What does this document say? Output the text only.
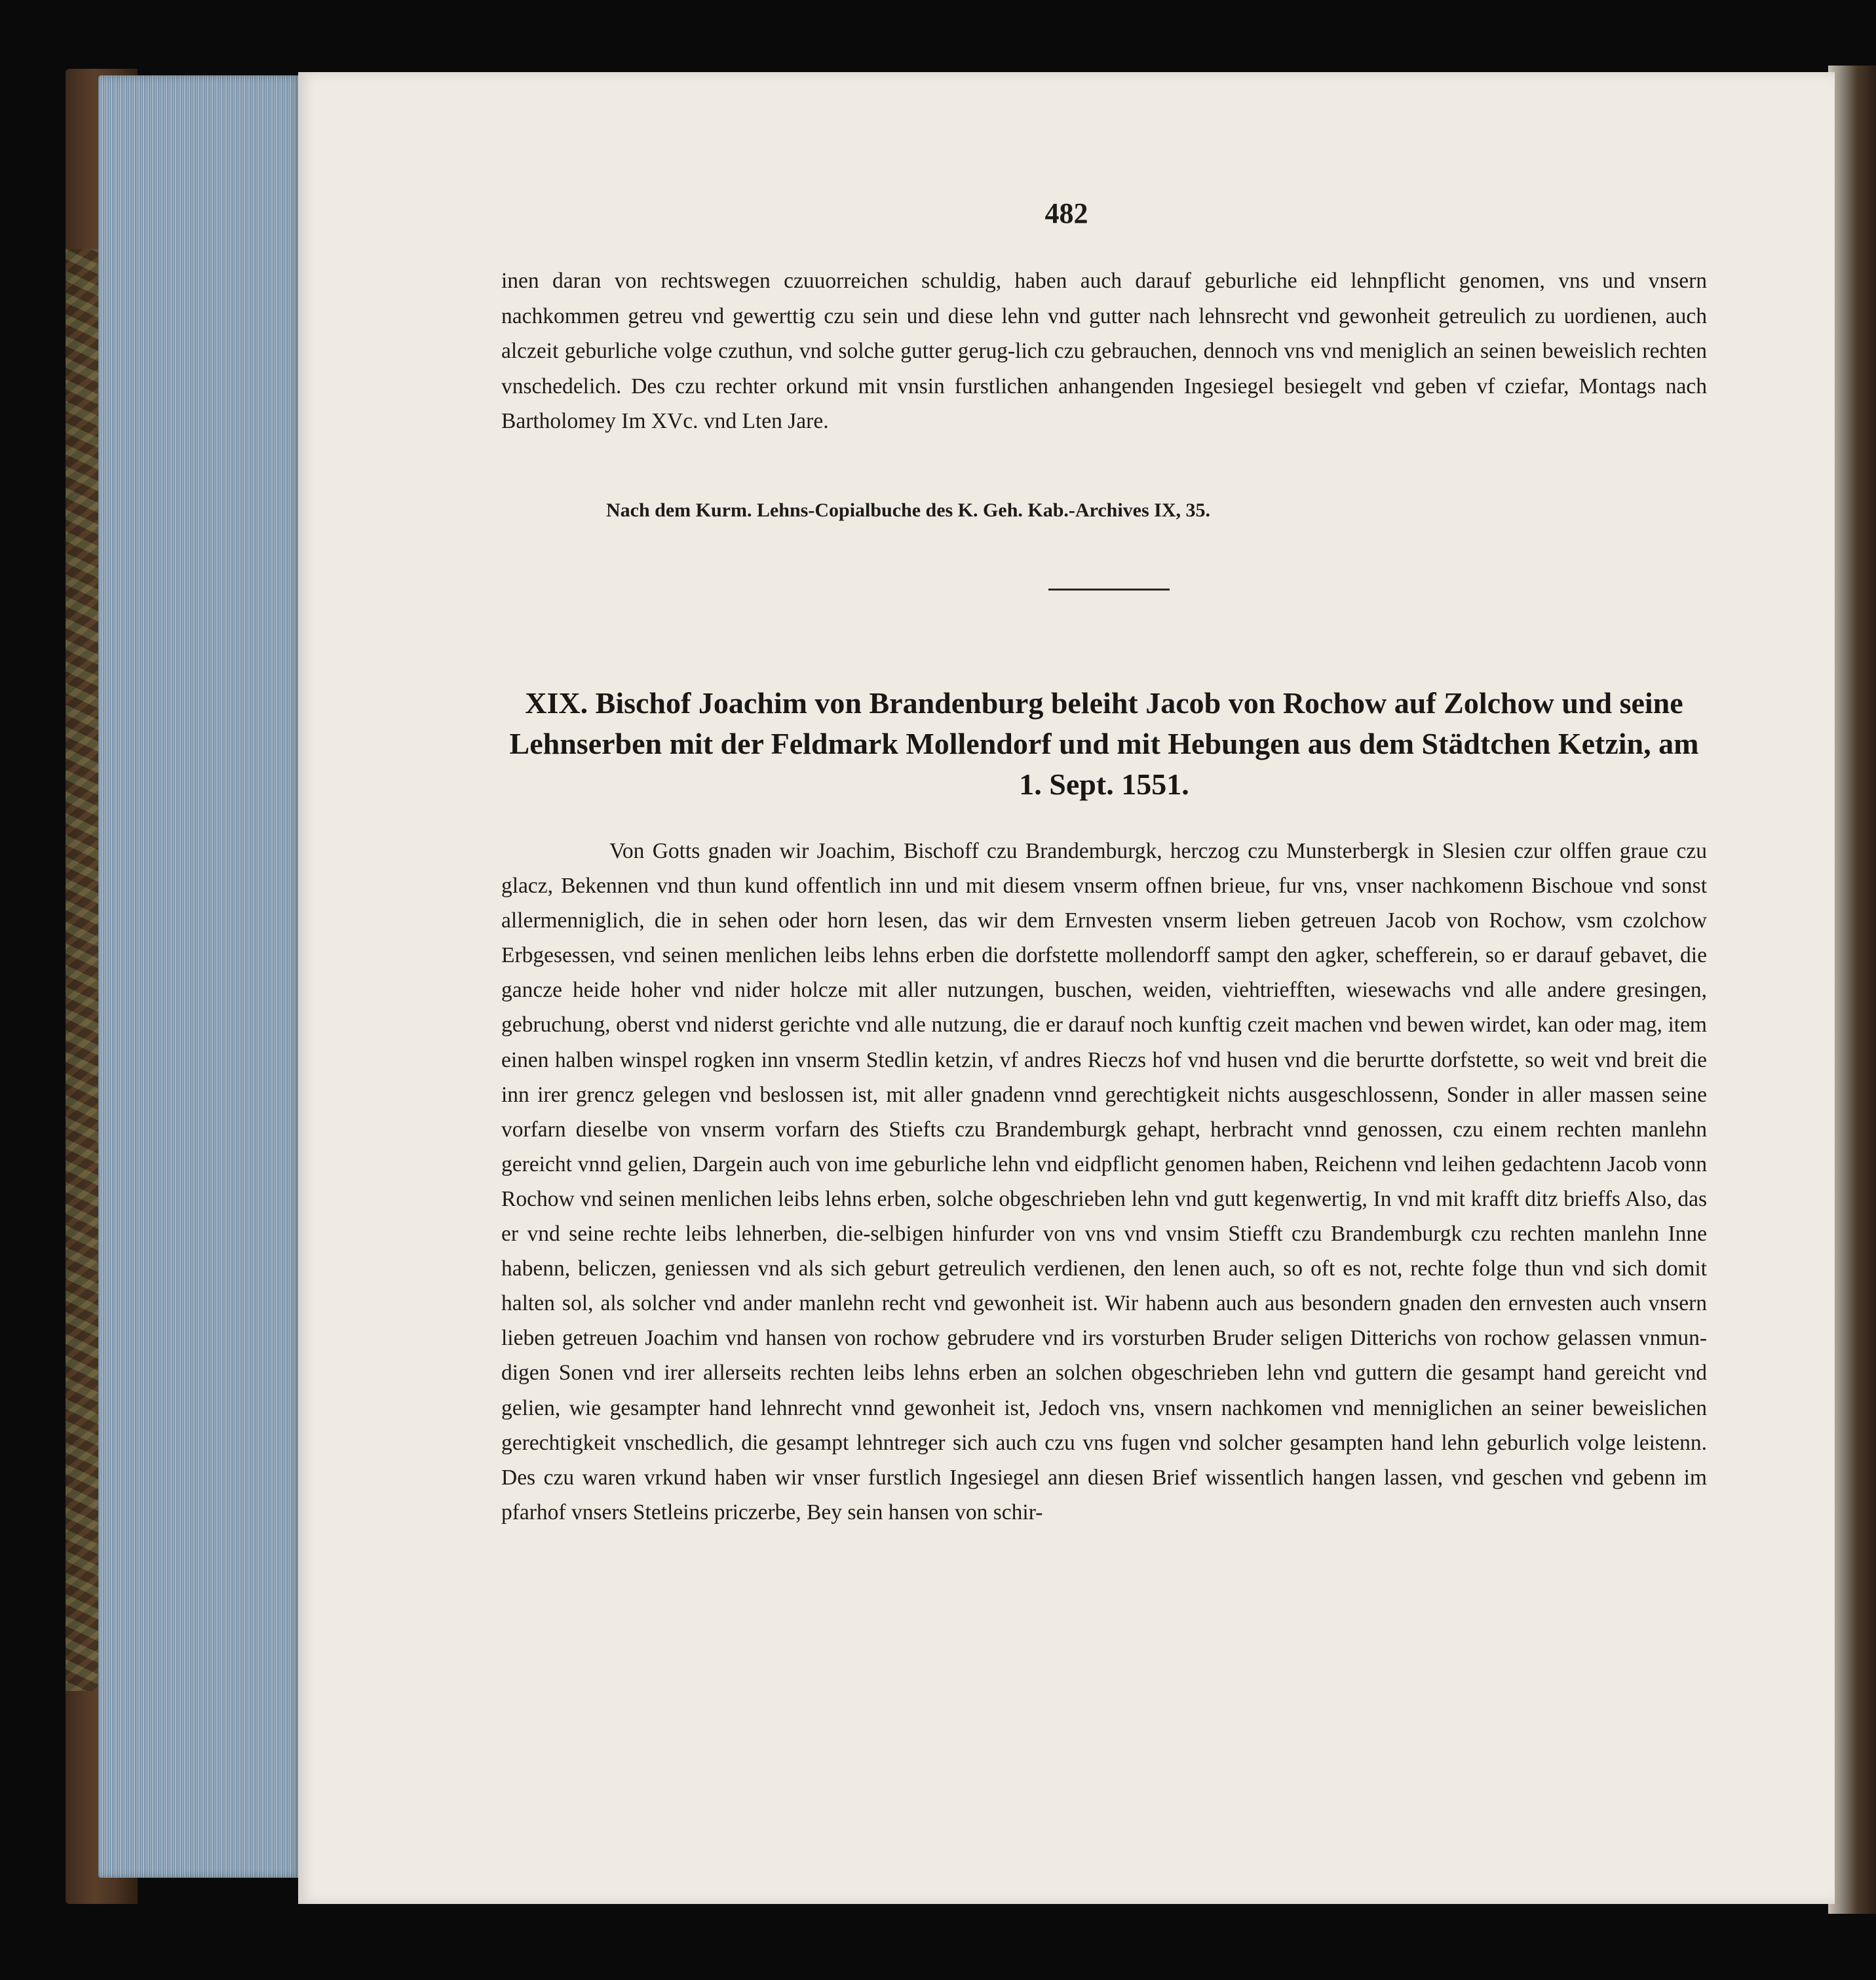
482

inen daran von rechtswegen czuuorreichen schuldig, haben auch darauf geburliche eid lehnpflicht genomen, vns und vnsern nachkommen getreu vnd gewerttig czu sein und diese lehn vnd gutter nach lehnsrecht vnd gewonheit getreulich zu uordienen, auch alczeit geburliche volge czuthun, vnd solche gutter gerug-lich czu gebrauchen, dennoch vns vnd meniglich an seinen beweislich rechten vnschedelich. Des czu rechter orkund mit vnsin furstlichen anhangenden Ingesiegel besiegelt vnd geben vf cziefar, Montags nach Bartholomey Im XVc. vnd Lten Jare.

Nach dem Kurm. Lehns-Copialbuche des K. Geh. Kab.-Archives IX, 35.
XIX. Bischof Joachim von Brandenburg beleiht Jacob von Rochow auf Zolchow und seine Lehnserben mit der Feldmark Mollendorf und mit Hebungen aus dem Städtchen Ketzin, am 1. Sept. 1551.

Von Gotts gnaden wir Joachim, Bischoff czu Brandemburgk, herczog czu Munsterbergk in Slesien czur olffen graue czu glacz, Bekennen vnd thun kund offentlich inn und mit diesem vnserm offnen brieue, fur vns, vnser nachkomenn Bischoue vnd sonst allermenniglich, die in sehen oder horn lesen, das wir dem Ernvesten vnserm lieben getreuen Jacob von Rochow, vsm czolchow Erbgesessen, vnd seinen menlichen leibs lehns erben die dorfstette mollendorff sampt den agker, schefferein, so er darauf gebavet, die gancze heide hoher vnd nider holcze mit aller nutzungen, buschen, weiden, viehtriefften, wiesewachs vnd alle andere gresingen, gebruchung, oberst vnd niderst gerichte vnd alle nutzung, die er darauf noch kunftig czeit machen vnd bewen wirdet, kan oder mag, item einen halben winspel rogken inn vnserm Stedlin ketzin, vf andres Rieczs hof vnd husen vnd die berurtte dorfstette, so weit vnd breit die inn irer grencz gelegen vnd beslossen ist, mit aller gnadenn vnnd gerechtigkeit nichts ausgeschlossenn, Sonder in aller massen seine vorfarn dieselbe von vnserm vorfarn des Stiefts czu Brandemburgk gehapt, herbracht vnnd genossen, czu einem rechten manlehn gereicht vnnd gelien, Dargein auch von ime geburliche lehn vnd eidpflicht genomen haben, Reichenn vnd leihen gedachtenn Jacob vonn Rochow vnd seinen menlichen leibs lehns erben, solche obgeschrieben lehn vnd gutt kegenwertig, In vnd mit krafft ditz brieffs Also, das er vnd seine rechte leibs lehnerben, die-selbigen hinfurder von vns vnd vnsim Stiefft czu Brandemburgk czu rechten manlehn Inne habenn, beliczen, geniessen vnd als sich geburt getreulich verdienen, den lenen auch, so oft es not, rechte folge thun vnd sich domit halten sol, als solcher vnd ander manlehn recht vnd gewonheit ist. Wir habenn auch aus besondern gnaden den ernvesten auch vnsern lieben getreuen Joachim vnd hansen von rochow gebrudere vnd irs vorsturben Bruder seligen Ditterichs von rochow gelassen vnmun-digen Sonen vnd irer allerseits rechten leibs lehns erben an solchen obgeschrieben lehn vnd guttern die gesampt hand gereicht vnd gelien, wie gesampter hand lehnrecht vnnd gewonheit ist, Jedoch vns, vnsern nachkomen vnd menniglichen an seiner beweislichen gerechtigkeit vnschedlich, die gesampt lehntreger sich auch czu vns fugen vnd solcher gesampten hand lehn geburlich volge leistenn. Des czu waren vrkund haben wir vnser furstlich Ingesiegel ann diesen Brief wissentlich hangen lassen, vnd geschen vnd gebenn im pfarhof vnsers Stetleins priczerbe, Bey sein hansen von schir-
